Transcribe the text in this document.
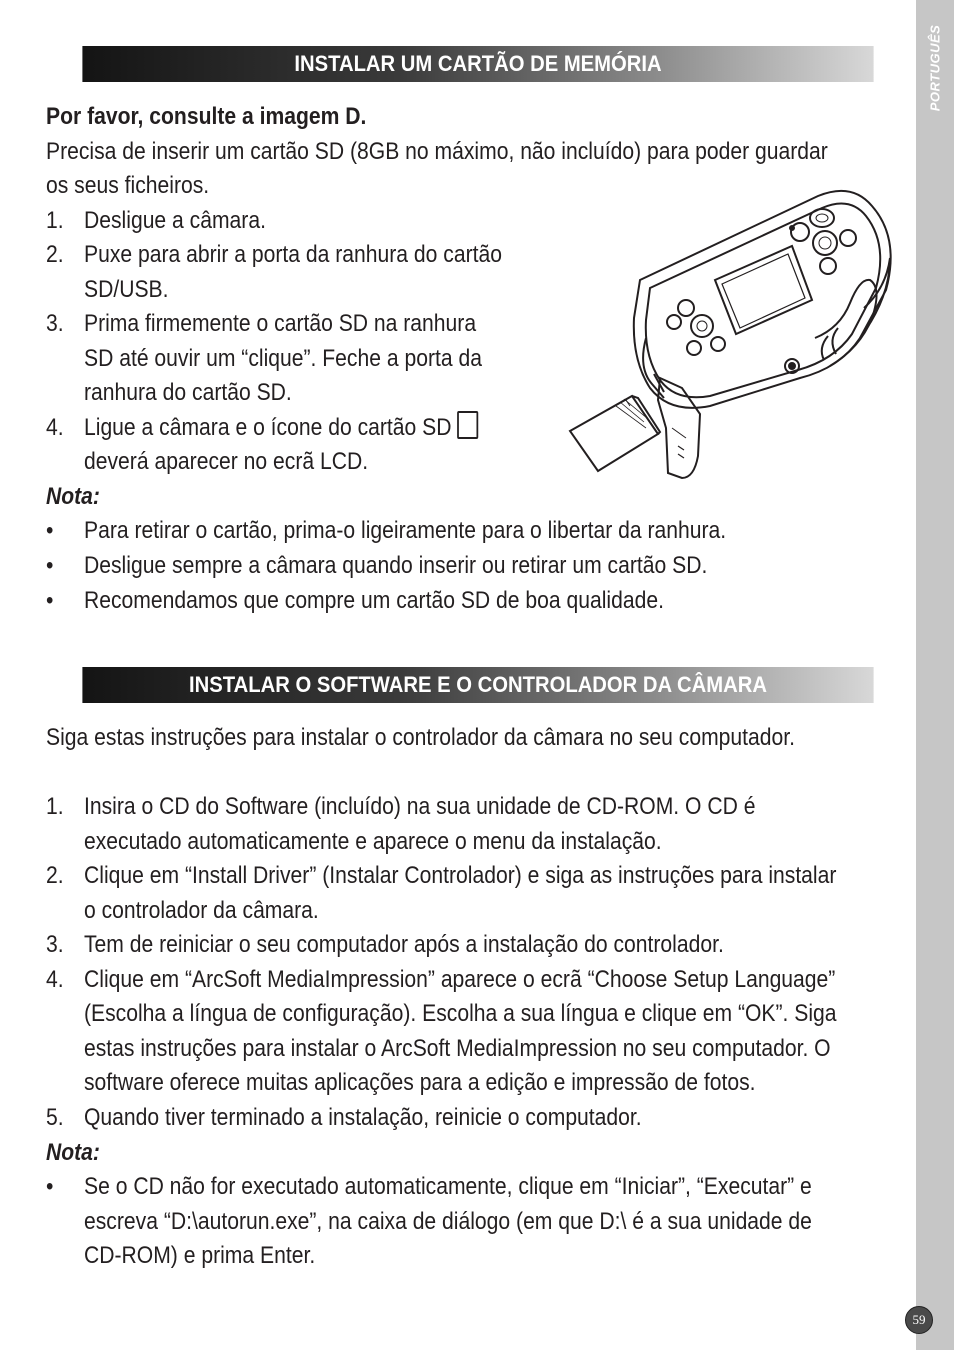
PORTUGUÊS
59
INSTALAR UM CARTÃO DE MEMÓRIA
Por favor, consulte a imagem D.
Precisa de inserir um cartão SD (8GB no máximo, não incluído) para poder guardar
os seus ficheiros.
1. Desligue a câmara.
2. Puxe para abrir a porta da ranhura do cartão
SD/USB.
3. Prima firmemente o cartão SD na ranhura
SD até ouvir um “clique”. Feche a porta da
ranhura do cartão SD.
4. Ligue a câmara e o ícone do cartão SD
deverá aparecer no ecrã LCD.
Nota:
• Para retirar o cartão, prima-o ligeiramente para o libertar da ranhura.
• Desligue sempre a câmara quando inserir ou retirar um cartão SD.
• Recomendamos que compre um cartão SD de boa qualidade.
INSTALAR O SOFTWARE E O CONTROLADOR DA CÂMARA
Siga estas instruções para instalar o controlador da câmara no seu computador.
1. Insira o CD do Software (incluído) na sua unidade de CD-ROM. O CD é
executado automaticamente e aparece o menu da instalação.
2. Clique em “Install Driver” (Instalar Controlador) e siga as instruções para instalar
o controlador da câmara.
3. Tem de reiniciar o seu computador após a instalação do controlador.
4. Clique em “ArcSoft MediaImpression” aparece o ecrã “Choose Setup Language”
(Escolha a língua de configuração). Escolha a sua língua e clique em “OK”. Siga
estas instruções para instalar o ArcSoft MediaImpression no seu computador. O
software oferece muitas aplicações para a edição e impressão de fotos.
5. Quando tiver terminado a instalação, reinicie o computador.
Nota:
• Se o CD não for executado automaticamente, clique em “Iniciar”, “Executar” e
escreva “D:\autorun.exe”, na caixa de diálogo (em que D:\ é a sua unidade de
CD-ROM) e prima Enter.
